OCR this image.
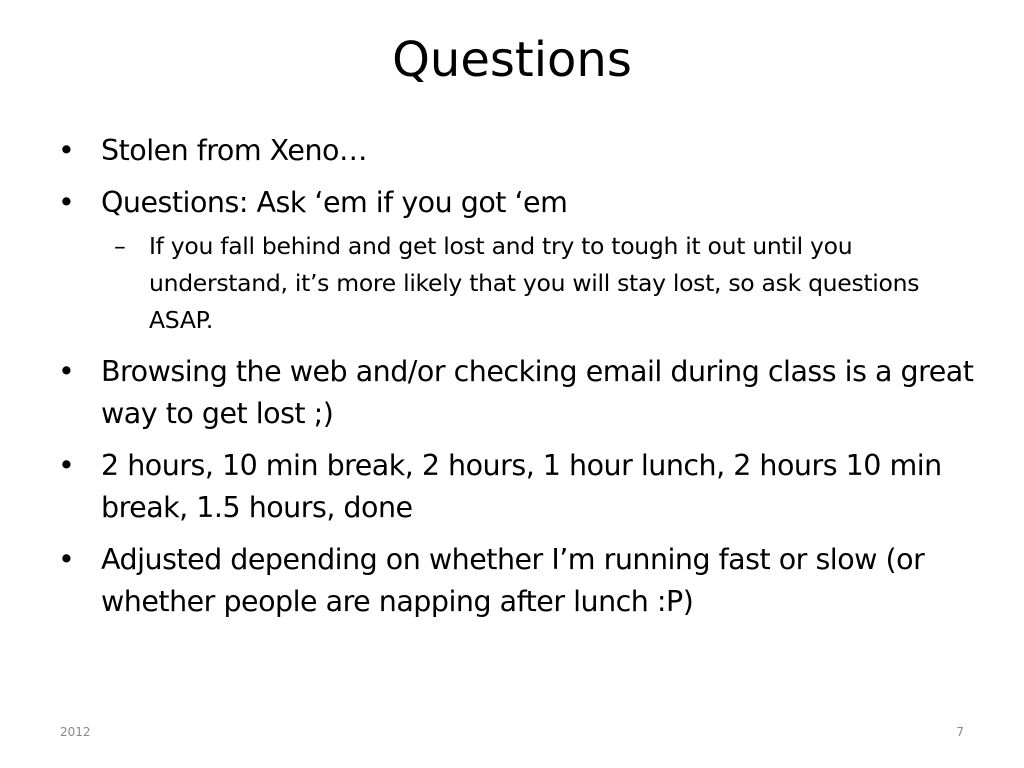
Questions
• Stolen from Xeno…
• Questions: Ask ‘em if you got ‘em
– If you fall behind and get lost and try to tough it out until you understand, it’s more likely that you will stay lost, so ask questions ASAP.
• Browsing the web and/or checking email during class is a great way to get lost ;)
• 2 hours, 10 min break, 2 hours, 1 hour lunch, 2 hours 10 min break, 1.5 hours, done
• Adjusted depending on whether I’m running fast or slow (or whether people are napping after lunch :P)
2012	7
